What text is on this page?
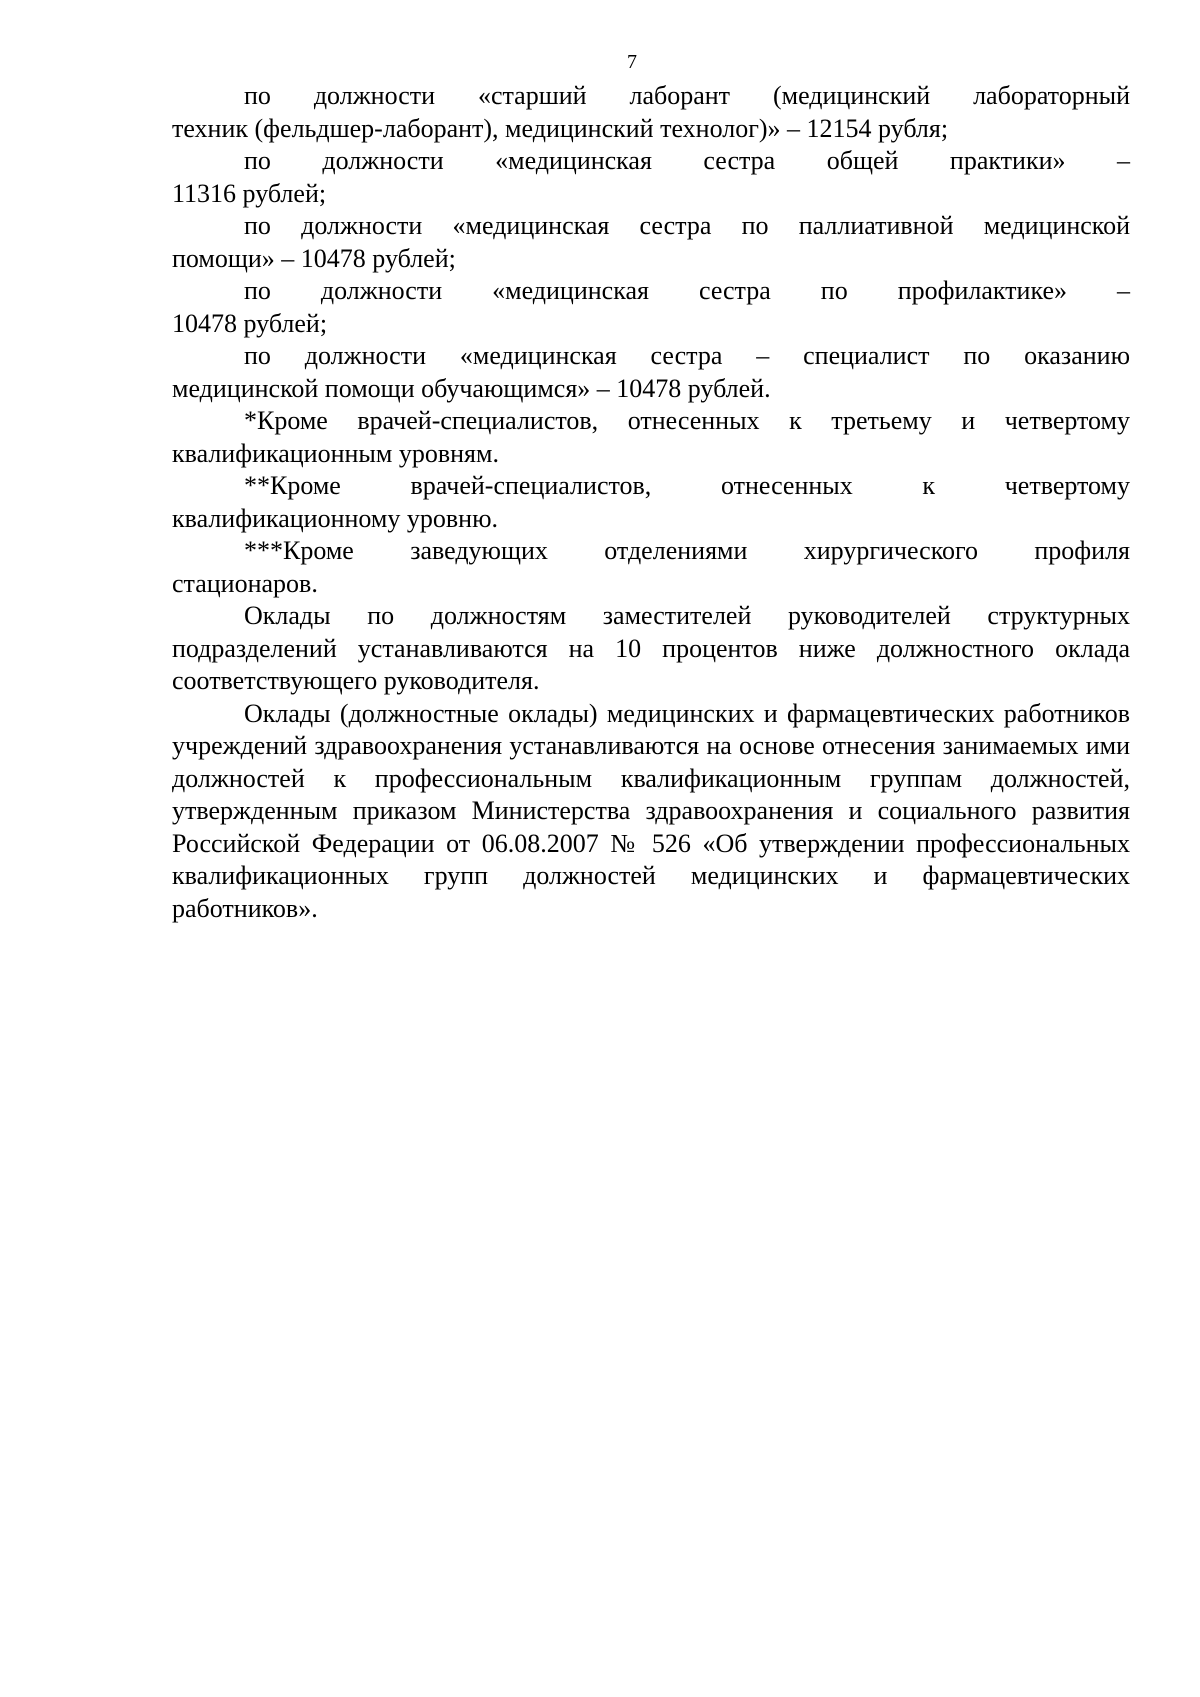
7

по должности «старший лаборант (медицинский лабораторный
техник (фельдшер-лаборант), медицинский технолог)» – 12154 рубля;

по должности «медицинская сестра общей практики» –
11316 рублей;

по должности «медицинская сестра по паллиативной медицинской
помощи» – 10478 рублей;

по должности «медицинская сестра по профилактике» –
10478 рублей;

по должности «медицинская сестра – специалист по оказанию
медицинской помощи обучающимся» – 10478 рублей.

*Кроме врачей-специалистов, отнесенных к третьему и четвертому
квалификационным уровням.

**Кроме врачей-специалистов, отнесенных к четвертому
квалификационному уровню.

***Кроме заведующих отделениями хирургического профиля
стационаров.

Оклады по должностям заместителей руководителей структурных подразделений устанавливаются на 10 процентов ниже должностного оклада соответствующего руководителя.

Оклады (должностные оклады) медицинских и фармацевтических работников учреждений здравоохранения устанавливаются на основе отнесения занимаемых ими должностей к профессиональным квалификационным группам должностей, утвержденным приказом Министерства здравоохранения и социального развития Российской Федерации от 06.08.2007 № 526 «Об утверждении профессиональных квалификационных групп должностей медицинских и фармацевтических работников».
